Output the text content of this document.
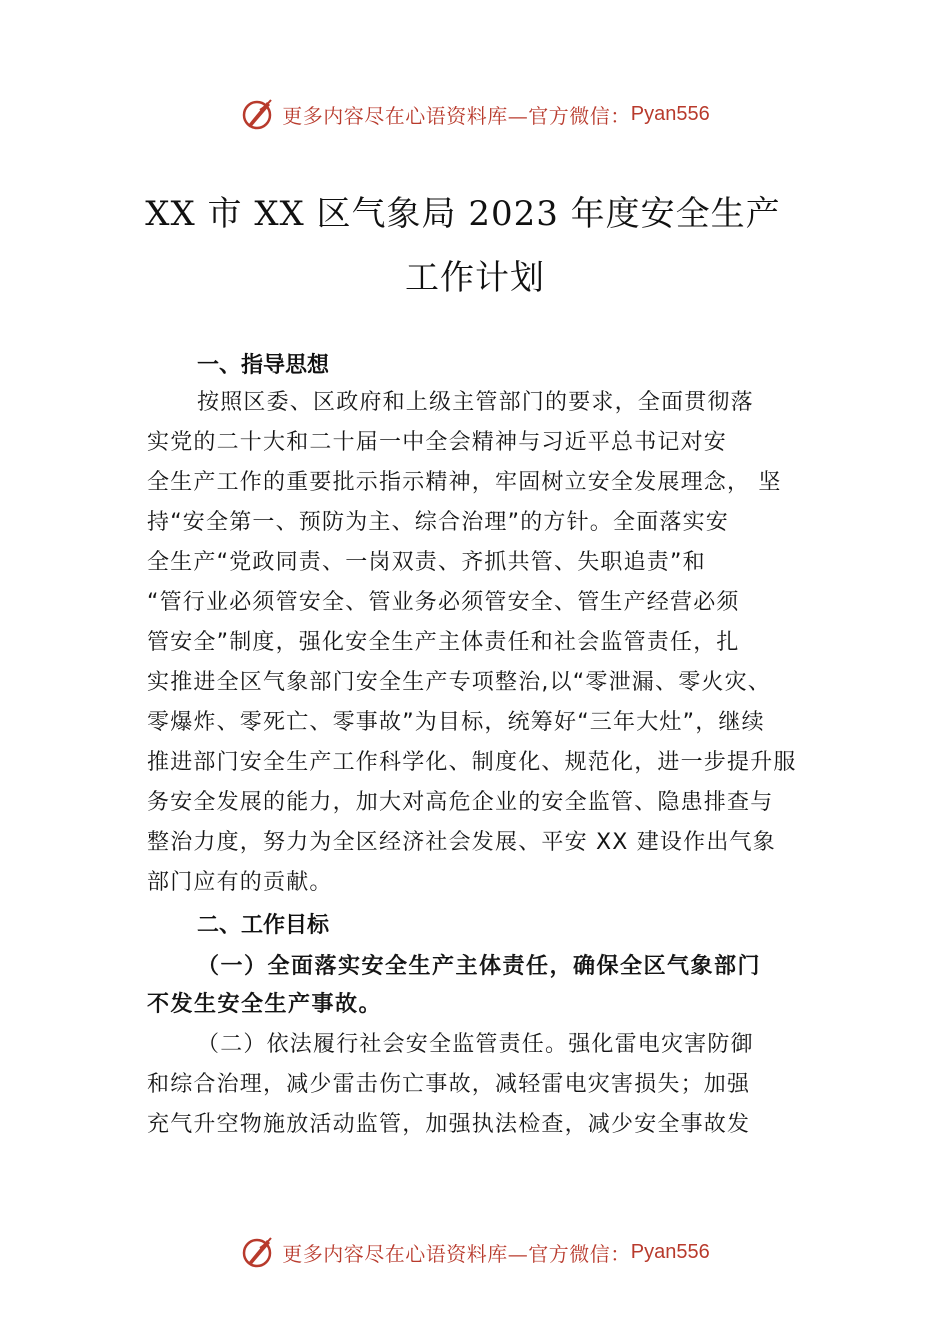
更多内容尽在心语资料库—官方微信： Pyan556
XX 市 XX 区气象局 2023 年度安全生产
工作计划
一、指导思想
按照区委、区政府和上级主管部门的要求，全面贯彻落
实党的二十大和二十届一中全会精神与习近平总书记对安
全生产工作的重要批示指示精神，牢固树立安全发展理念， 坚
持“安全第一、预防为主、综合治理”的方针。全面落实安
全生产“党政同责、一岗双责、齐抓共管、失职追责”和
“管行业必须管安全、管业务必须管安全、管生产经营必须
管安全”制度，强化安全生产主体责任和社会监管责任，扎
实推进全区气象部门安全生产专项整治,以“零泄漏、零火灾、
零爆炸、零死亡、零事故”为目标，统筹好“三年大灶”，继续
推进部门安全生产工作科学化、制度化、规范化，进一步提升服
务安全发展的能力，加大对高危企业的安全监管、隐患排查与
整治力度，努力为全区经济社会发展、平安 XX 建设作出气象
部门应有的贡献。
二、工作目标
（一）全面落实安全生产主体责任，确保全区气象部门
不发生安全生产事故。
（二）依法履行社会安全监管责任。强化雷电灾害防御
和综合治理，减少雷击伤亡事故，减轻雷电灾害损失；加强
充气升空物施放活动监管，加强执法检查，减少安全事故发
更多内容尽在心语资料库—官方微信： Pyan556
